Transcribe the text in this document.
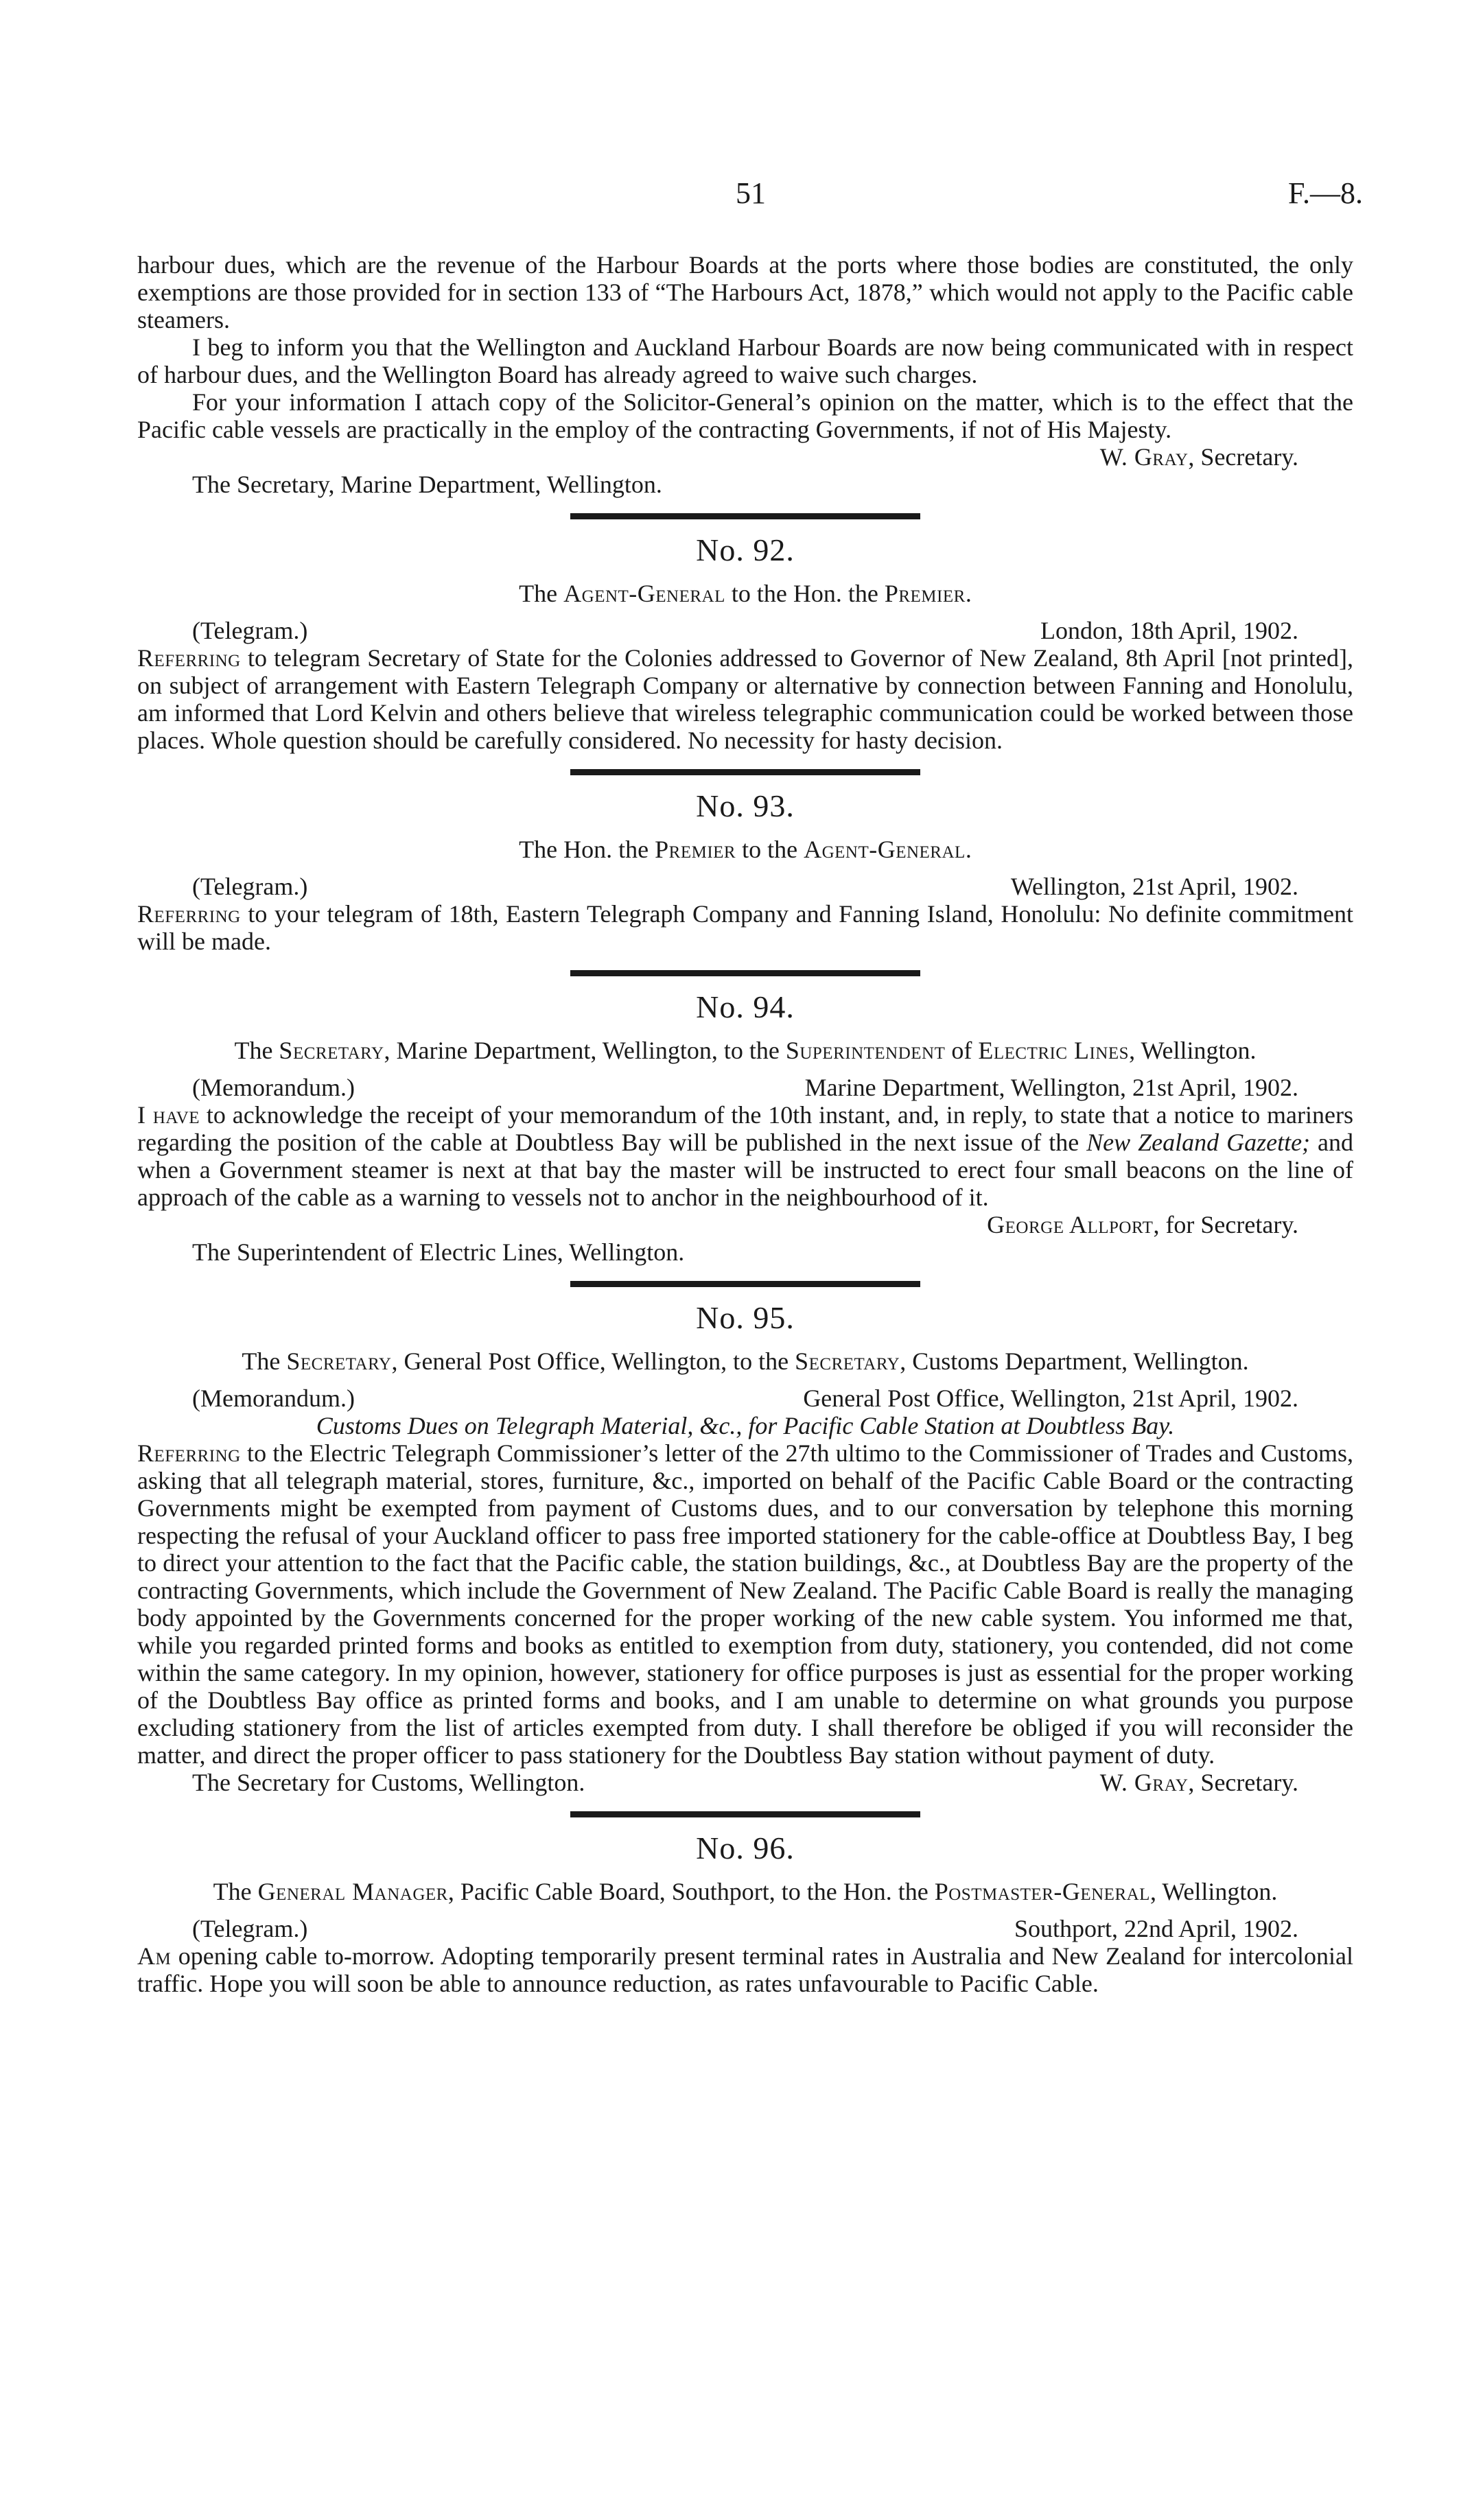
51	F.—8.

harbour dues, which are the revenue of the Harbour Boards at the ports where those bodies are constituted, the only exemptions are those provided for in section 133 of “The Harbours Act, 1878,” which would not apply to the Pacific cable steamers.

I beg to inform you that the Wellington and Auckland Harbour Boards are now being communicated with in respect of harbour dues, and the Wellington Board has already agreed to waive such charges.

For your information I attach copy of the Solicitor-General’s opinion on the matter, which is to the effect that the Pacific cable vessels are practically in the employ of the contracting Governments, if not of His Majesty.

W. Gray, Secretary.

The Secretary, Marine Department, Wellington.

No. 92.

The Agent-General to the Hon. the Premier.

(Telegram.)	London, 18th April, 1902.

Referring to telegram Secretary of State for the Colonies addressed to Governor of New Zealand, 8th April [not printed], on subject of arrangement with Eastern Telegraph Company or alternative by connection between Fanning and Honolulu, am informed that Lord Kelvin and others believe that wireless telegraphic communication could be worked between those places. Whole question should be carefully considered. No necessity for hasty decision.

No. 93.

The Hon. the Premier to the Agent-General.

(Telegram.)	Wellington, 21st April, 1902.

Referring to your telegram of 18th, Eastern Telegraph Company and Fanning Island, Honolulu: No definite commitment will be made.

No. 94.

The Secretary, Marine Department, Wellington, to the Superintendent of Electric Lines, Wellington.

(Memorandum.)	Marine Department, Wellington, 21st April, 1902.

I have to acknowledge the receipt of your memorandum of the 10th instant, and, in reply, to state that a notice to mariners regarding the position of the cable at Doubtless Bay will be published in the next issue of the New Zealand Gazette; and when a Government steamer is next at that bay the master will be instructed to erect four small beacons on the line of approach of the cable as a warning to vessels not to anchor in the neighbourhood of it.

George Allport, for Secretary.

The Superintendent of Electric Lines, Wellington.

No. 95.

The Secretary, General Post Office, Wellington, to the Secretary, Customs Department, Wellington.

(Memorandum.)	General Post Office, Wellington, 21st April, 1902.

Customs Dues on Telegraph Material, &c., for Pacific Cable Station at Doubtless Bay.

Referring to the Electric Telegraph Commissioner’s letter of the 27th ultimo to the Commissioner of Trades and Customs, asking that all telegraph material, stores, furniture, &c., imported on behalf of the Pacific Cable Board or the contracting Governments might be exempted from payment of Customs dues, and to our conversation by telephone this morning respecting the refusal of your Auckland officer to pass free imported stationery for the cable-office at Doubtless Bay, I beg to direct your attention to the fact that the Pacific cable, the station buildings, &c., at Doubtless Bay are the property of the contracting Governments, which include the Government of New Zealand. The Pacific Cable Board is really the managing body appointed by the Governments concerned for the proper working of the new cable system. You informed me that, while you regarded printed forms and books as entitled to exemption from duty, stationery, you contended, did not come within the same category. In my opinion, however, stationery for office purposes is just as essential for the proper working of the Doubtless Bay office as printed forms and books, and I am unable to determine on what grounds you purpose excluding stationery from the list of articles exempted from duty. I shall therefore be obliged if you will reconsider the matter, and direct the proper officer to pass stationery for the Doubtless Bay station without payment of duty.

The Secretary for Customs, Wellington.	W. Gray, Secretary.
No. 96.

The General Manager, Pacific Cable Board, Southport, to the Hon. the Postmaster-General, Wellington.

(Telegram.)	Southport, 22nd April, 1902.

Am opening cable to-morrow. Adopting temporarily present terminal rates in Australia and New Zealand for intercolonial traffic. Hope you will soon be able to announce reduction, as rates unfavourable to Pacific Cable.
